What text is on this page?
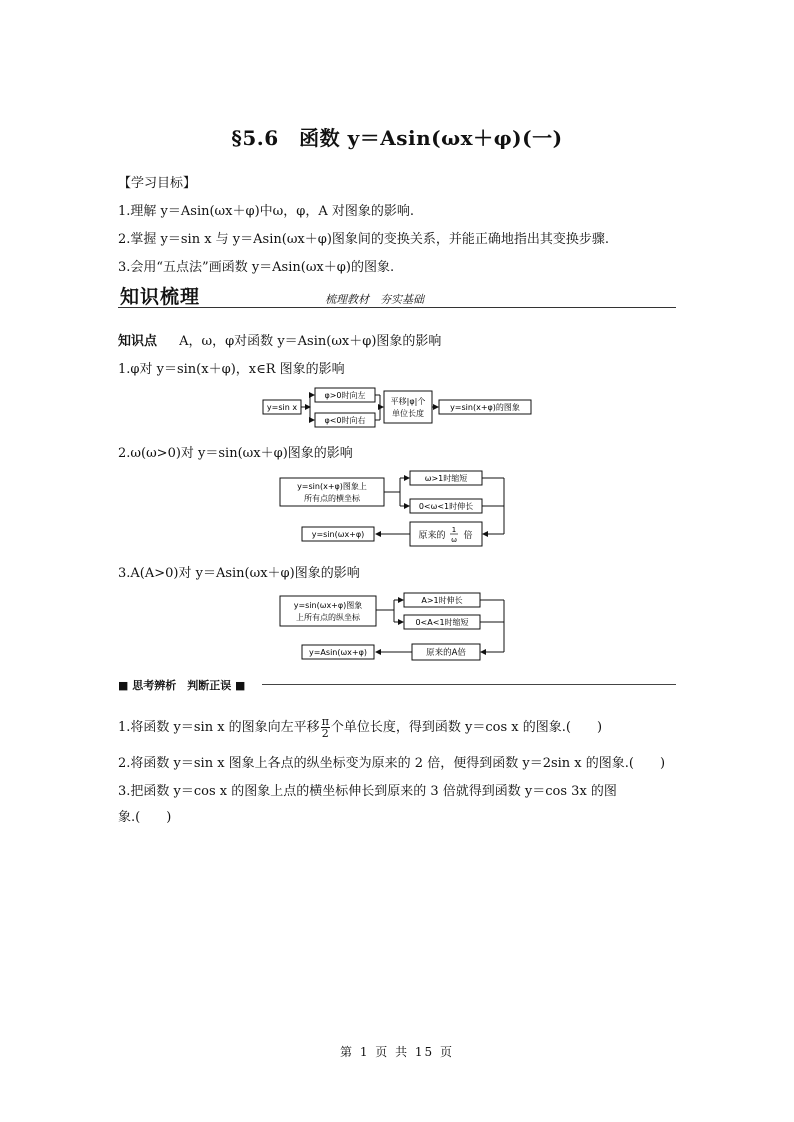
§5.6　函数 y＝Asin(ωx＋φ)(一)
【学习目标】
1.理解 y＝Asin(ωx＋φ)中ω，φ，A 对图象的影响.
2.掌握 y＝sin x 与 y＝Asin(ωx＋φ)图象间的变换关系，并能正确地指出其变换步骤.
3.会用“五点法”画函数 y＝Asin(ωx＋φ)的图象.
知识梳理	梳理教材　夯实基础
知识点 　 A，ω，φ对函数 y＝Asin(ωx＋φ)图象的影响
1.φ对 y＝sin(x＋φ)，x∈R 图象的影响
y=sin x
φ>0时向左
φ<0时向右
平移|φ|个
单位长度
y=sin(x+φ)的图象
2.ω(ω>0)对 y＝sin(ωx＋φ)图象的影响
y=sin(x+φ)图象上
所有点的横坐标
ω>1时缩短
0<ω<1时伸长
原来的
1
ω 倍
y=sin(ωx+φ)
3.A(A>0)对 y＝Asin(ωx＋φ)图象的影响
y=sin(ωx+φ)图象
上所有点的纵坐标
A>1时伸长
0<A<1时缩短
原来的A倍
y=Asin(ωx+φ)
■ 思考辨析　判断正误 ■
1.将函数 y＝sin x 的图象向左平移 $\frac{\pi}{2}$ 个单位长度，得到函数 y＝cos x 的图象.(　　)
2.将函数 y＝sin x 图象上各点的纵坐标变为原来的 2 倍，便得到函数 y＝2sin x 的图象.(　　)
3.把函数 y＝cos x 的图象上点的横坐标伸长到原来的 3 倍就得到函数 y＝cos 3x 的图
象.(　　)
第 1 页 共 15 页
